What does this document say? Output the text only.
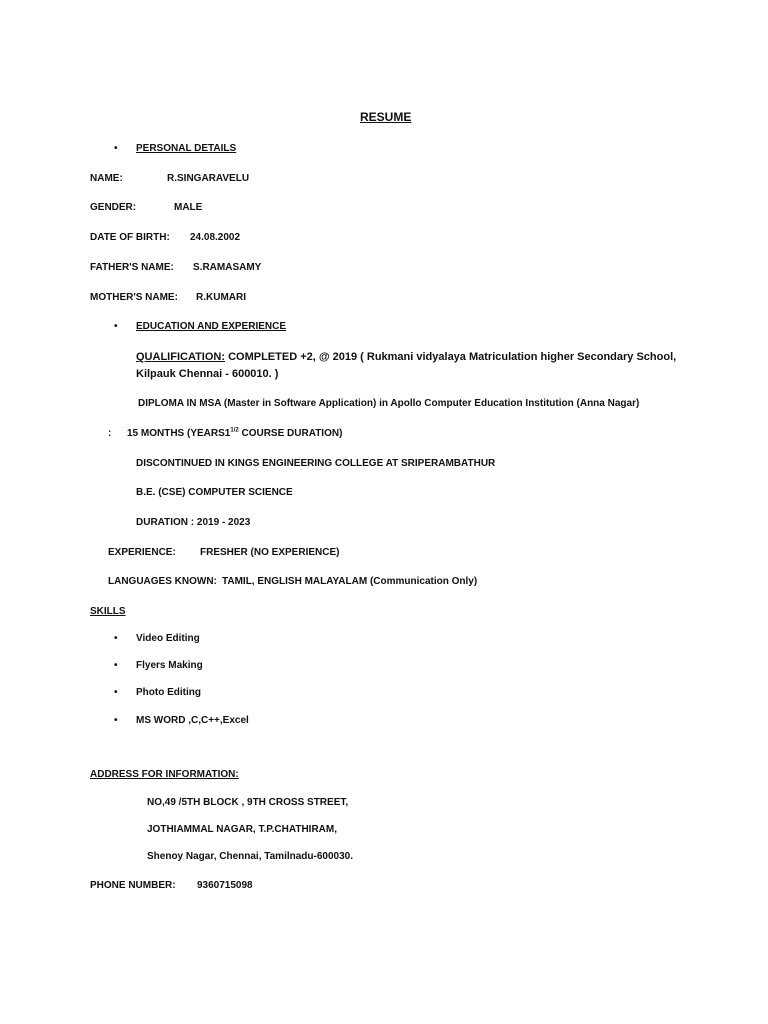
RESUME
• PERSONAL DETAILS
NAME:	R.SINGARAVELU
GENDER:	MALE
DATE OF BIRTH: 24.08.2002
FATHER'S NAME: S.RAMASAMY
MOTHER'S NAME: R.KUMARI
• EDUCATION AND EXPERIENCE
QUALIFICATION: COMPLETED +2, @ 2019 ( Rukmani vidyalaya Matriculation higher Secondary School,
Kilpauk Chennai - 600010. )
DIPLOMA IN MSA (Master in Software Application) in Apollo Computer Education Institution (Anna Nagar)
: 15 MONTHS ($YEARS1^{1/2}$ COURSE DURATION)
DISCONTINUED IN KINGS ENGINEERING COLLEGE AT SRIPERAMBATHUR
B.E. (CSE) COMPUTER SCIENCE
DURATION : 2019 - 2023
EXPERIENCE: FRESHER (NO EXPERIENCE)
LANGUAGES KNOWN: TAMIL, ENGLISH MALAYALAM (Communication Only)
SKILLS
• Video Editing
• Flyers Making
• Photo Editing
• MS WORD ,C,C++,Excel
ADDRESS FOR INFORMATION:
NO,49 /5TH BLOCK , 9TH CROSS STREET,
JOTHIAMMAL NAGAR, T.P.CHATHIRAM,
Shenoy Nagar, Chennai, Tamilnadu-600030.
PHONE NUMBER: 9360715098
